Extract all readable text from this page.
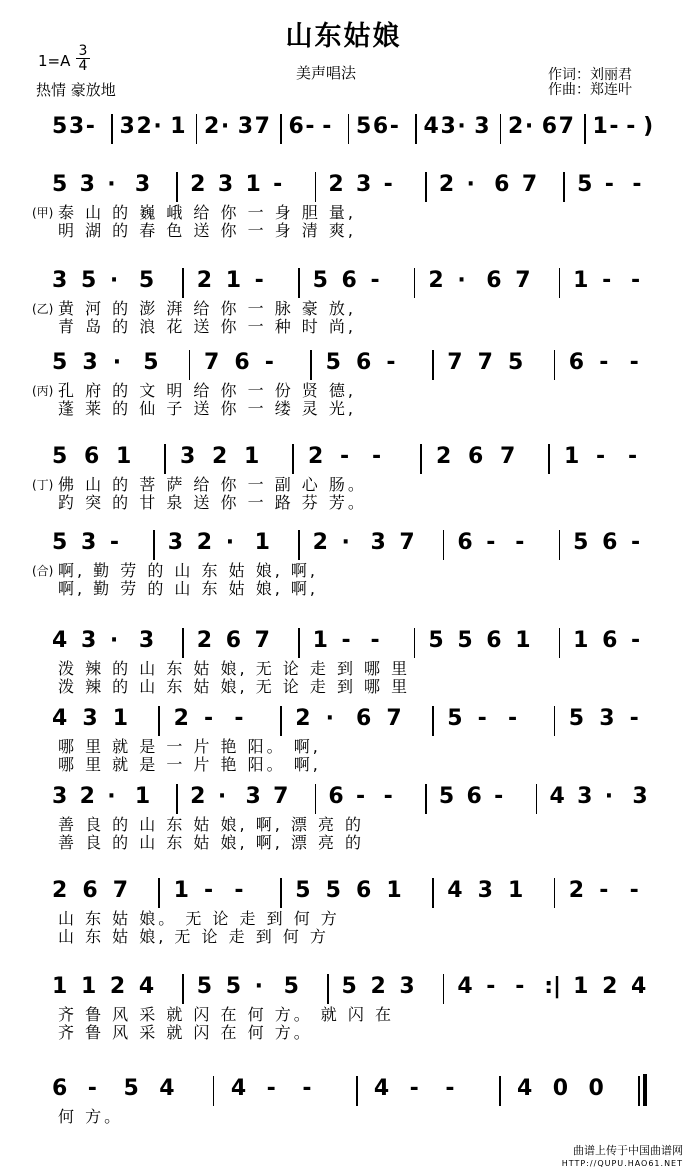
山东姑娘
1=A
3
4
热情 豪放地
美声唱法	作词：刘丽君
作曲：郑连叶
5 3 - 3 2 · 1 2 · 3 7 6 - - 5 6 - 4 3 · 3 2 · 6 7 1 - - )
5 3 · 3 2 3 1 - 2 3 - 2 · 6 7 5 - -
(甲) 泰 山 的 巍 峨 给 你 一 身 胆 量,
明 湖 的 春 色 送 你 一 身 清 爽,
3 5 · 5 2 1 - 5 6 - 2 · 6 7 1 - -
(乙) 黄 河 的 澎 湃 给 你 一 脉 豪 放,
青 岛 的 浪 花 送 你 一 种 时 尚,
5 3 · 5 7 6 - 5 6 - 7 7 5 6 - -
(丙) 孔 府 的 文 明 给 你 一 份 贤 德,
蓬 莱 的 仙 子 送 你 一 缕 灵 光,
5 6 1 3 2 1 2 - - 2 6 7 1 - -
(丁) 佛 山 的 菩 萨 给 你 一 副 心 肠。
趵 突 的 甘 泉 送 你 一 路 芬 芳。
5 3 - 3 2 · 1 2 · 3 7 6 - - 5 6 -
(合) 啊, 勤 劳 的 山 东 姑 娘, 啊,
啊, 勤 劳 的 山 东 姑 娘, 啊,
4 3 · 3 2 6 7 1 - - 5 5 6 1 1 6 -
泼 辣 的 山 东 姑 娘, 无 论 走 到 哪 里
泼 辣 的 山 东 姑 娘, 无 论 走 到 哪 里
4 3 1 2 - - 2 · 6 7 5 - - 5 3 -
哪 里 就 是 一 片 艳 阳。 啊,
哪 里 就 是 一 片 艳 阳。 啊,
3 2 · 1 2 · 3 7 6 - - 5 6 - 4 3 · 3
善 良 的 山 东 姑 娘, 啊, 漂 亮 的
善 良 的 山 东 姑 娘, 啊, 漂 亮 的
2 6 7 1 - - 5 5 6 1 4 3 1 2 - -
山 东 姑 娘。 无 论 走 到 何 方
山 东 姑 娘, 无 论 走 到 何 方
1 1 2 4 5 5 · 5 5 2 3 4 - - :| 1 2 4
齐 鲁 风 采 就 闪 在 何 方。 就 闪 在
齐 鲁 风 采 就 闪 在 何 方。
6 - 5 4	4 - -	4 - -	4 0 0
何 方。
曲谱上传于中国曲谱网
HTTP://QUPU.HAO61.NET
